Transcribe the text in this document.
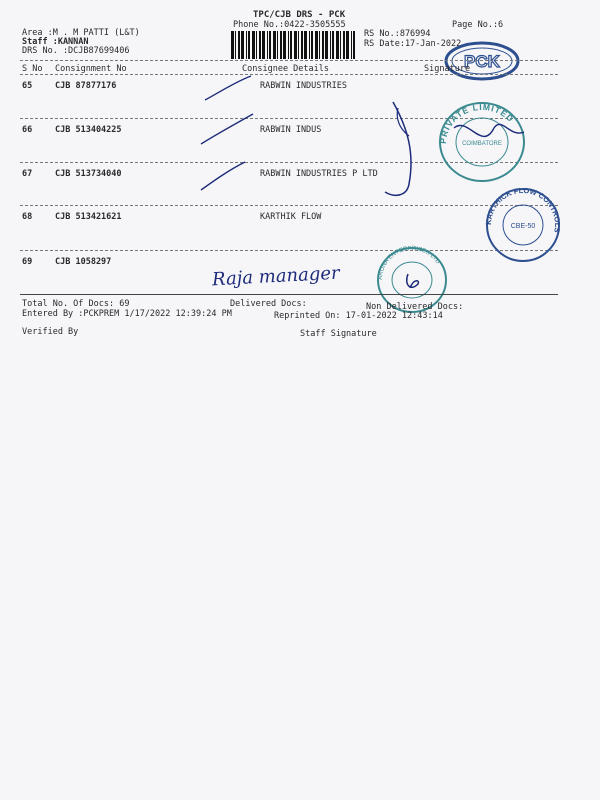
TPC/CJB DRS - PCK
Phone No.:0422-3505555
Area :M . M PATTI (L&T)
Staff :KANNAN
DRS No. :DCJB87699406
RS No.:876994
RS Date:17-Jan-2022
Page No.:6
PCK
S No Consignment No	Consignee Details	Signature
65	CJB 87877176	RABWIN INDUSTRIES
66	CJB 513404225	RABWIN INDUS
67	CJB 513734040	RABWIN INDUSTRIES P LTD
68	CJB 513421621	KARTHIK FLOW
69	CJB 1058297
PRIVATE LIMITED
COIMBATORE
KARTHICK FLOW CONTROLS
CBE-50
ARUNA ENTERPRISES LTD
Raja manager
Total No. Of Docs: 69	Delivered Docs:	Non Delivered Docs:
Entered By :PCKPREM 1/17/2022 12:39:24 PM	Reprinted On: 17-01-2022 12:43:14
Verified By	Staff Signature
